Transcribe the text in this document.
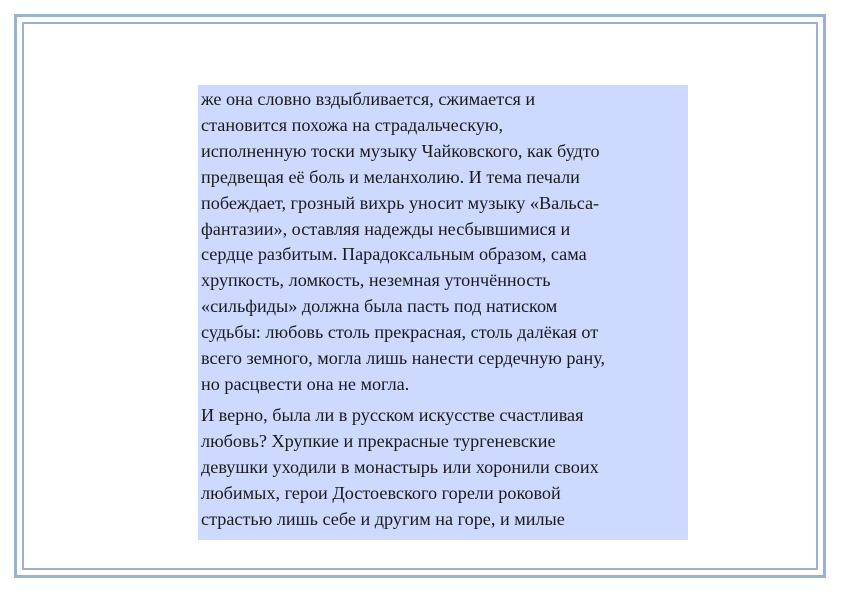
же она словно вздыбливается, сжимается и
становится похожа на страдальческую,
исполненную тоски музыку Чайковского, как будто
предвещая её боль и меланхолию. И тема печали
побеждает, грозный вихрь уносит музыку «Вальса-
фантазии», оставляя надежды несбывшимися и
сердце разбитым. Парадоксальным образом, сама
хрупкость, ломкость, неземная утончённость
«сильфиды» должна была пасть под натиском
судьбы: любовь столь прекрасная, столь далёкая от
всего земного, могла лишь нанести сердечную рану,
но расцвести она не могла.

И верно, была ли в русском искусстве счастливая
любовь? Хрупкие и прекрасные тургеневские
девушки уходили в монастырь или хоронили своих
любимых, герои Достоевского горели роковой
страстью лишь себе и другим на горе, и милые
